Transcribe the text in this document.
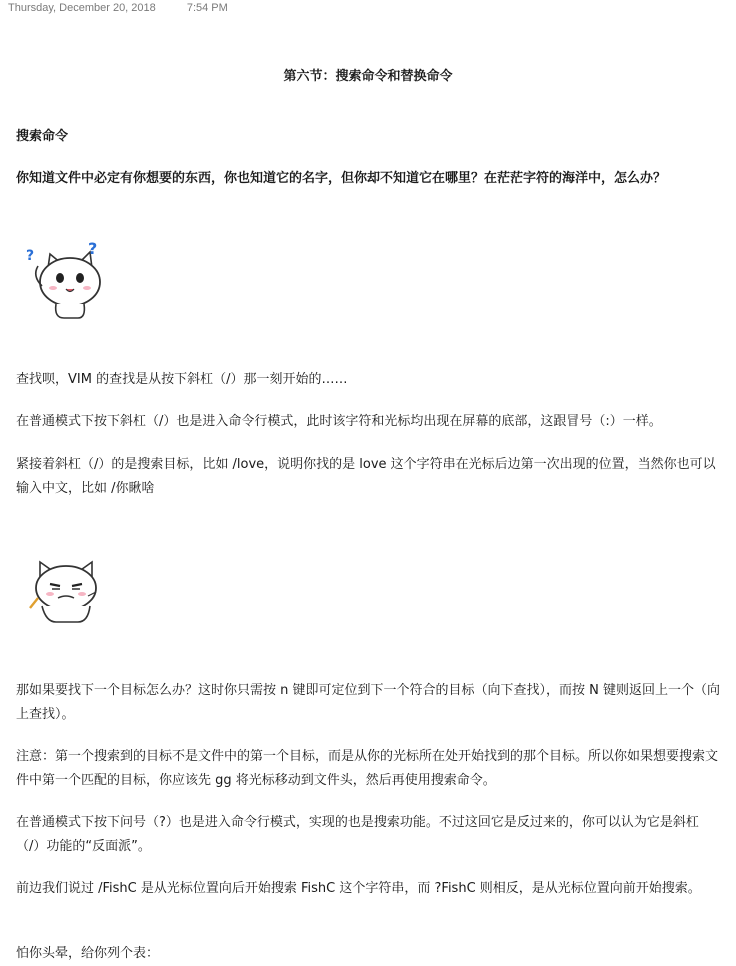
Thursday, December 20, 2018	7:54 PM
第六节：搜索命令和替换命令

搜索命令

你知道文件中必定有你想要的东西，你也知道它的名字，但你却不知道它在哪里？在茫茫字符的海洋中，怎么办？

?	?

查找呗，VIM 的查找是从按下斜杠（/）那一刻开始的……

在普通模式下按下斜杠（/）也是进入命令行模式，此时该字符和光标均出现在屏幕的底部，这跟冒号（:）一样。

紧接着斜杠（/）的是搜索目标，比如 /love，说明你找的是 love 这个字符串在光标后边第一次出现的位置，当然你也可以输入中文，比如 /你瞅啥

那如果要找下一个目标怎么办？这时你只需按 n 键即可定位到下一个符合的目标（向下查找），而按 N 键则返回上一个（向上查找）。

注意：第一个搜索到的目标不是文件中的第一个目标，而是从你的光标所在处开始找到的那个目标。所以你如果想要搜索文件中第一个匹配的目标，你应该先 gg 将光标移动到文件头，然后再使用搜索命令。

在普通模式下按下问号（?）也是进入命令行模式，实现的也是搜索功能。不过这回它是反过来的，你可以认为它是斜杠（/）功能的“反面派”。

前边我们说过 /FishC 是从光标位置向后开始搜索 FishC 这个字符串，而 ?FishC 则相反，是从光标位置向前开始搜索。

怕你头晕，给你列个表：
